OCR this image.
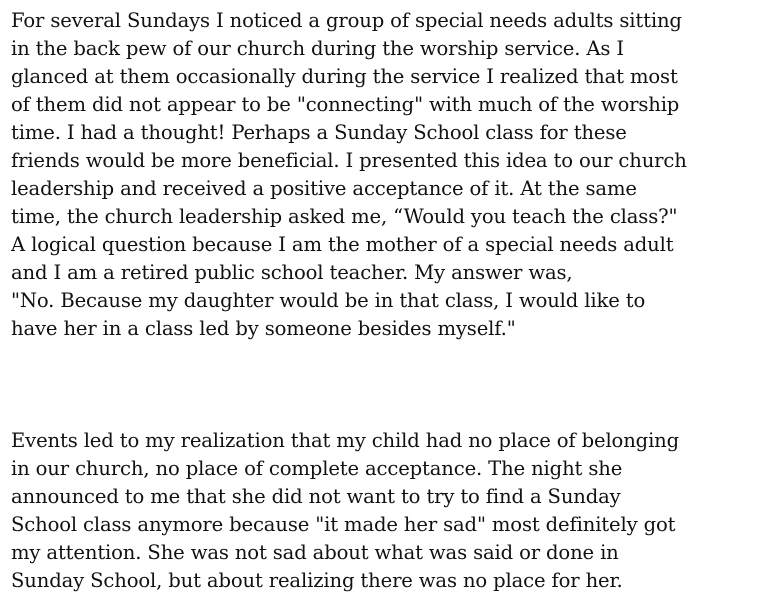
For several Sundays I noticed a group of special needs adults sitting
in the back pew of our church during the worship service. As I
glanced at them occasionally during the service I realized that most
of them did not appear to be "connecting" with much of the worship
time. I had a thought! Perhaps a Sunday School class for these
friends would be more beneficial. I presented this idea to our church
leadership and received a positive acceptance of it. At the same
time, the church leadership asked me, “Would you teach the class?"
A logical question because I am the mother of a special needs adult
and I am a retired public school teacher. My answer was,
"No. Because my daughter would be in that class, I would like to
have her in a class led by someone besides myself."

Events led to my realization that my child had no place of belonging
in our church, no place of complete acceptance. The night she
announced to me that she did not want to try to find a Sunday
School class anymore because "it made her sad" most definitely got
my attention. She was not sad about what was said or done in
Sunday School, but about realizing there was no place for her.
